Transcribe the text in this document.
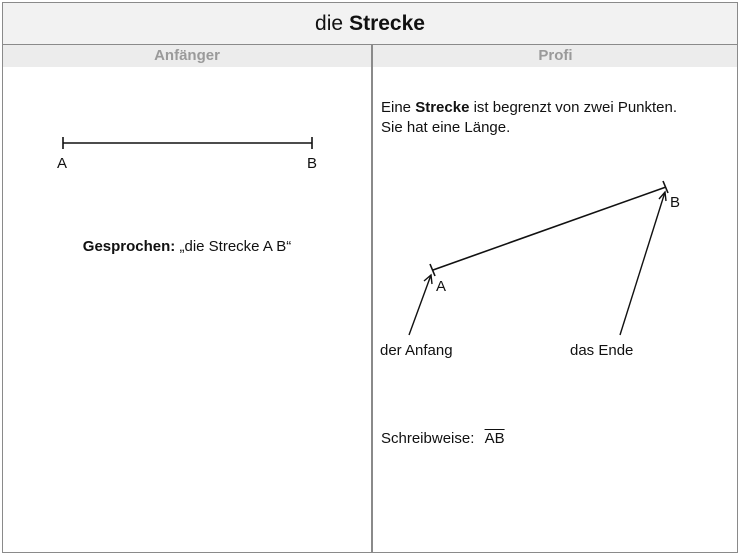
die Strecke
Anfänger	Profi
A	B
Gesprochen: „die Strecke A B“
Eine Strecke ist begrenzt von zwei Punkten.
Sie hat eine Länge.
A
B
der Anfang	das Ende
Schreibweise: $\overline{AB}$
